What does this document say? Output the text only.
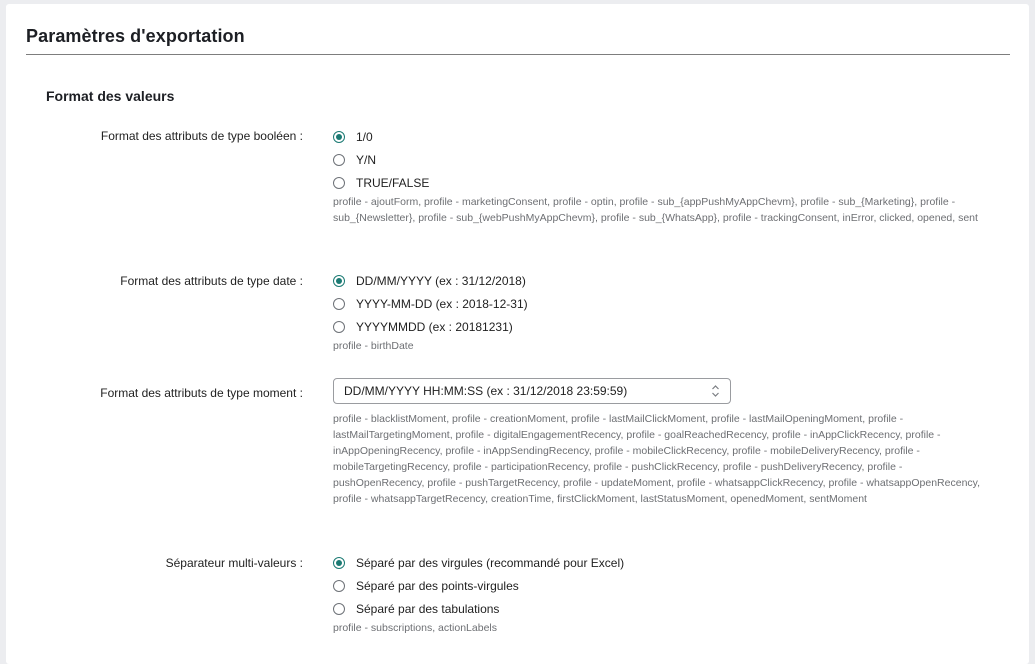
Paramètres d'exportation
Format des valeurs
Format des attributs de type booléen :	1/0
Y/N
TRUE/FALSE

profile - ajoutForm, profile - marketingConsent, profile - optin, profile - sub_{appPushMyAppChevm}, profile - sub_{Marketing}, profile - sub_{Newsletter}, profile - sub_{webPushMyAppChevm}, profile - sub_{WhatsApp}, profile - trackingConsent, inError, clicked, opened, sent

Format des attributs de type date :	DD/MM/YYYY (ex : 31/12/2018)
YYYY-MM-DD (ex : 2018-12-31)
YYYYMMDD (ex : 20181231)

profile - birthDate

Format des attributs de type moment :	DD/MM/YYYY HH:MM:SS (ex : 31/12/2018 23:59:59)

profile - blacklistMoment, profile - creationMoment, profile - lastMailClickMoment, profile - lastMailOpeningMoment, profile - lastMailTargetingMoment, profile - digitalEngagementRecency, profile - goalReachedRecency, profile - inAppClickRecency, profile - inAppOpeningRecency, profile - inAppSendingRecency, profile - mobileClickRecency, profile - mobileDeliveryRecency, profile - mobileTargetingRecency, profile - participationRecency, profile - pushClickRecency, profile - pushDeliveryRecency, profile - pushOpenRecency, profile - pushTargetRecency, profile - updateMoment, profile - whatsappClickRecency, profile - whatsappOpenRecency, profile - whatsappTargetRecency, creationTime, firstClickMoment, lastStatusMoment, openedMoment, sentMoment

Séparateur multi-valeurs :	Séparé par des virgules (recommandé pour Excel)
Séparé par des points-virgules
Séparé par des tabulations

profile - subscriptions, actionLabels
